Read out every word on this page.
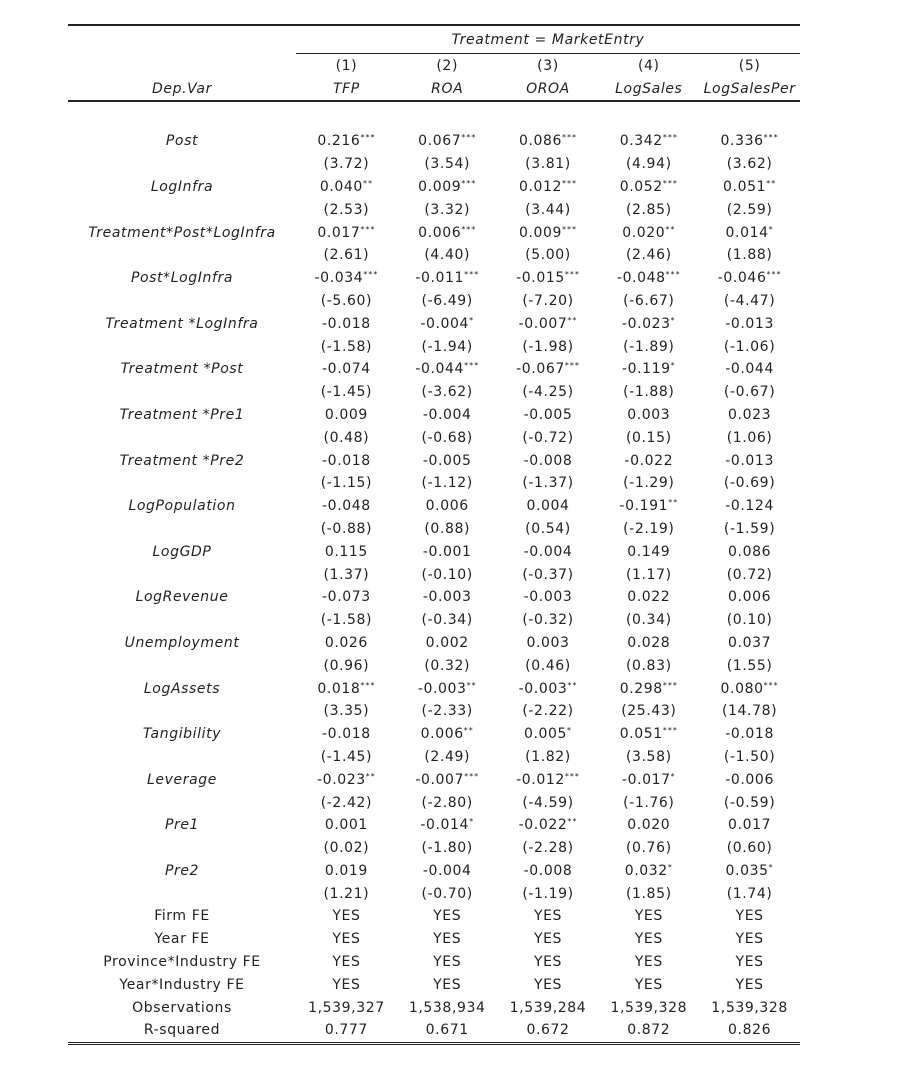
	Treatment = MarketEntry				
	(1)	(2)	(3)	(4)	(5)
Dep.Var	TFP	ROA	OROA	LogSales	LogSalesPer

Post	0.216***	0.067***	0.086***	0.342***	0.336***
	(3.72)	(3.54)	(3.81)	(4.94)	(3.62)
LogInfra	0.040**	0.009***	0.012***	0.052***	0.051**
	(2.53)	(3.32)	(3.44)	(2.85)	(2.59)
Treatment*Post*LogInfra	0.017***	0.006***	0.009***	0.020**	0.014*
	(2.61)	(4.40)	(5.00)	(2.46)	(1.88)
Post*LogInfra	-0.034***	-0.011***	-0.015***	-0.048***	-0.046***
	(-5.60)	(-6.49)	(-7.20)	(-6.67)	(-4.47)
Treatment *LogInfra	-0.018	-0.004*	-0.007**	-0.023*	-0.013
	(-1.58)	(-1.94)	(-1.98)	(-1.89)	(-1.06)
Treatment *Post	-0.074	-0.044***	-0.067***	-0.119*	-0.044
	(-1.45)	(-3.62)	(-4.25)	(-1.88)	(-0.67)
Treatment *Pre1	0.009	-0.004	-0.005	0.003	0.023
	(0.48)	(-0.68)	(-0.72)	(0.15)	(1.06)
Treatment *Pre2	-0.018	-0.005	-0.008	-0.022	-0.013
	(-1.15)	(-1.12)	(-1.37)	(-1.29)	(-0.69)
LogPopulation	-0.048	0.006	0.004	-0.191**	-0.124
	(-0.88)	(0.88)	(0.54)	(-2.19)	(-1.59)
LogGDP	0.115	-0.001	-0.004	0.149	0.086
	(1.37)	(-0.10)	(-0.37)	(1.17)	(0.72)
LogRevenue	-0.073	-0.003	-0.003	0.022	0.006
	(-1.58)	(-0.34)	(-0.32)	(0.34)	(0.10)
Unemployment	0.026	0.002	0.003	0.028	0.037
	(0.96)	(0.32)	(0.46)	(0.83)	(1.55)
LogAssets	0.018***	-0.003**	-0.003**	0.298***	0.080***
	(3.35)	(-2.33)	(-2.22)	(25.43)	(14.78)
Tangibility	-0.018	0.006**	0.005*	0.051***	-0.018
	(-1.45)	(2.49)	(1.82)	(3.58)	(-1.50)
Leverage	-0.023**	-0.007***	-0.012***	-0.017*	-0.006
	(-2.42)	(-2.80)	(-4.59)	(-1.76)	(-0.59)
Pre1	0.001	-0.014*	-0.022**	0.020	0.017
	(0.02)	(-1.80)	(-2.28)	(0.76)	(0.60)
Pre2	0.019	-0.004	-0.008	0.032*	0.035*
	(1.21)	(-0.70)	(-1.19)	(1.85)	(1.74)
Firm FE	YES	YES	YES	YES	YES
Year FE	YES	YES	YES	YES	YES
Province*Industry FE	YES	YES	YES	YES	YES
Year*Industry FE	YES	YES	YES	YES	YES
Observations	1,539,327	1,538,934	1,539,284	1,539,328	1,539,328
R-squared	0.777	0.671	0.672	0.872	0.826
